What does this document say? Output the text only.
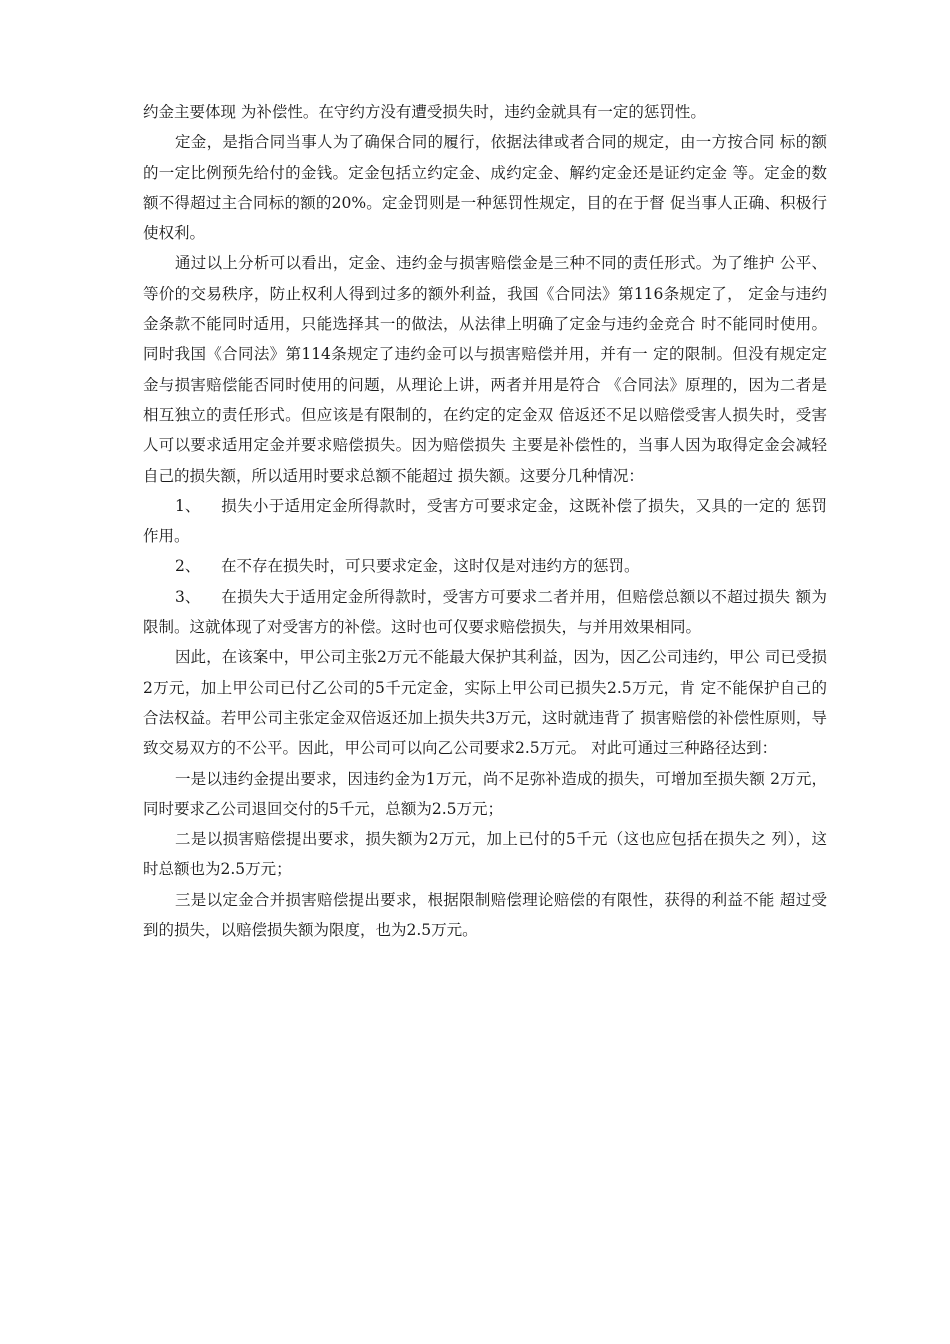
约金主要体现 为补偿性。在守约方没有遭受损失时，违约金就具有一定的惩罚性。

定金，是指合同当事人为了确保合同的履行，依据法律或者合同的规定，由一方按合同 标的额的一定比例预先给付的金钱。定金包括立约定金、成约定金、解约定金还是证约定金 等。定金的数额不得超过主合同标的额的20%。定金罚则是一种惩罚性规定，目的在于督 促当事人正确、积极行使权利。

通过以上分析可以看出，定金、违约金与损害赔偿金是三种不同的责任形式。为了维护 公平、等价的交易秩序，防止权利人得到过多的额外利益，我国《合同法》第116条规定了， 定金与违约金条款不能同时适用，只能选择其一的做法，从法律上明确了定金与违约金竞合 时不能同时使用。同时我国《合同法》第114条规定了违约金可以与损害赔偿并用，并有一 定的限制。但没有规定定金与损害赔偿能否同时使用的问题，从理论上讲，两者并用是符合 《合同法》原理的，因为二者是相互独立的责任形式。但应该是有限制的，在约定的定金双 倍返还不足以赔偿受害人损失时，受害人可以要求适用定金并要求赔偿损失。因为赔偿损失 主要是补偿性的，当事人因为取得定金会减轻自己的损失额，所以适用时要求总额不能超过 损失额。这要分几种情况：

1、 损失小于适用定金所得款时，受害方可要求定金，这既补偿了损失，又具的一定的 惩罚作用。

2、 在不存在损失时，可只要求定金，这时仅是对违约方的惩罚。

3、 在损失大于适用定金所得款时，受害方可要求二者并用，但赔偿总额以不超过损失 额为限制。这就体现了对受害方的补偿。这时也可仅要求赔偿损失，与并用效果相同。

因此，在该案中，甲公司主张2万元不能最大保护其利益，因为，因乙公司违约，甲公 司已受损2万元，加上甲公司已付乙公司的5千元定金，实际上甲公司已损失2.5万元，肯 定不能保护自己的合法权益。若甲公司主张定金双倍返还加上损失共3万元，这时就违背了 损害赔偿的补偿性原则，导致交易双方的不公平。因此，甲公司可以向乙公司要求2.5万元。 对此可通过三种路径达到：

一是以违约金提出要求，因违约金为1万元，尚不足弥补造成的损失，可增加至损失额 2万元，同时要求乙公司退回交付的5千元，总额为2.5万元；

二是以损害赔偿提出要求，损失额为2万元，加上已付的5千元（这也应包括在损失之 列），这时总额也为2.5万元；

三是以定金合并损害赔偿提出要求，根据限制赔偿理论赔偿的有限性，获得的利益不能 超过受到的损失，以赔偿损失额为限度，也为2.5万元。
